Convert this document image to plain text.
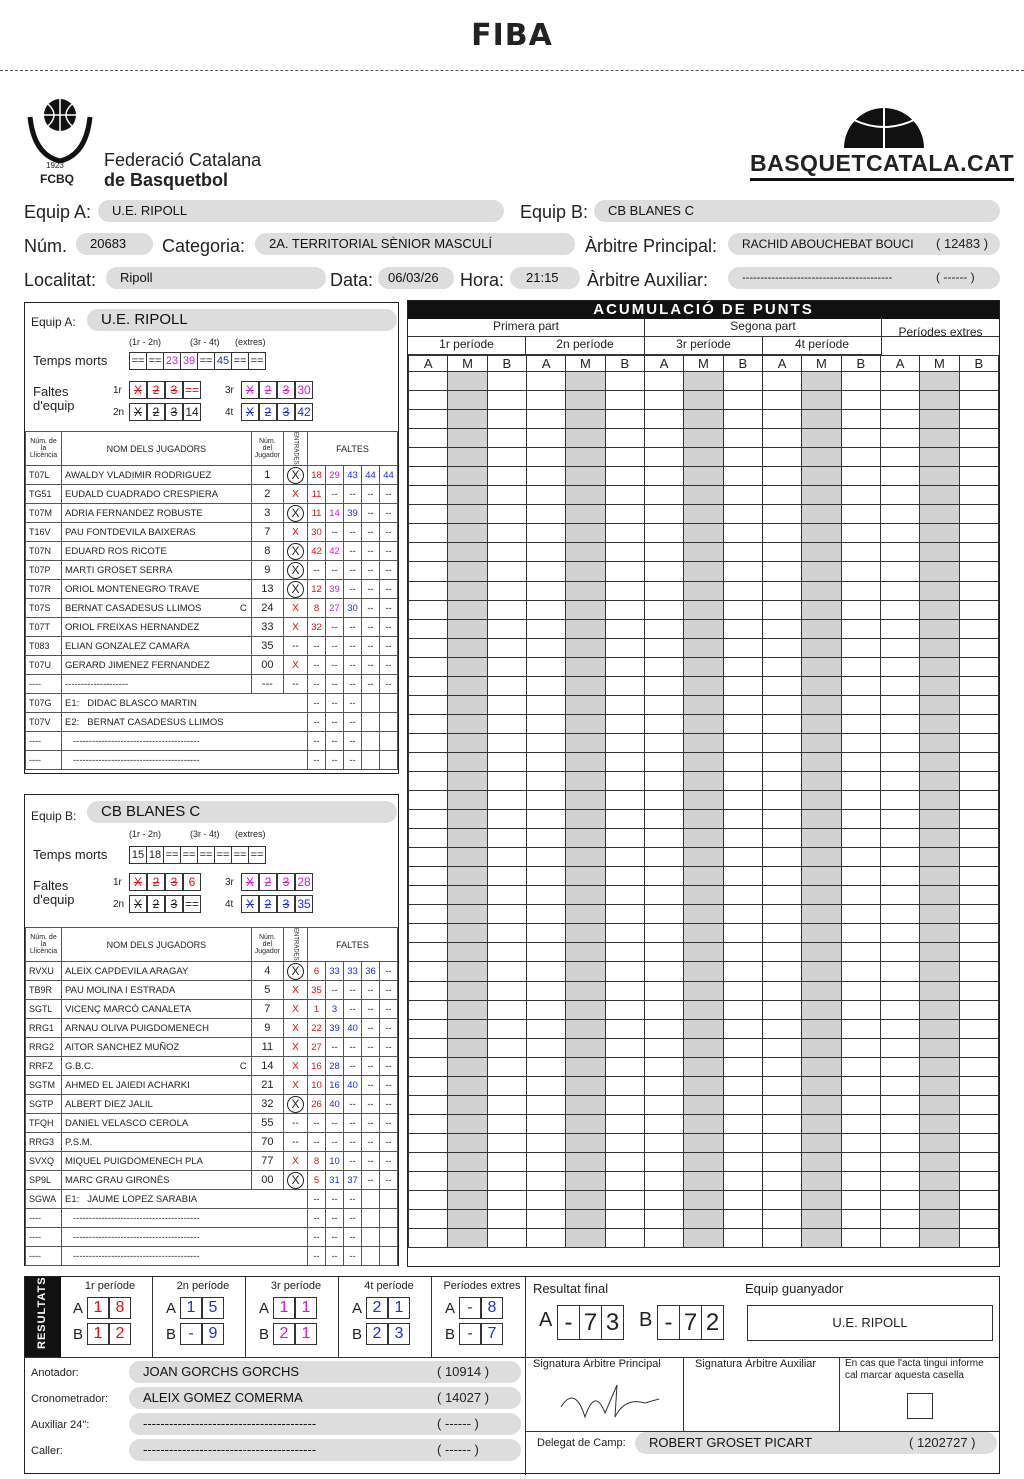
FIBA
1923
FCBQ
Federació Catalana
de Basquetbol
BASQUETCATALA.CAT
Equip A:	U.E. RIPOLL	Equip B:	CB BLANES C
Núm.	20683	Categoria:	2A. TERRITORIAL SÈNIOR MASCULÍ	Àrbitre Principal:	RACHID ABOUCHEBAT BOUCI	( 12483 )
Localitat:	Ripoll	Data:	06/03/26	Hora:	21:15	Àrbitre Auxiliar:	-----------------------------------------	( ------ )
Equip A:	U.E. RIPOLL
(1r - 2n)	(3r - 4t) (extres)
Temps morts ==	==	23	39	==	45	==	==
Faltes d'equip
1r	X 2 3 ==
2n X 2 3 14
3r	X 2 3 30
4t	X 2 3 42
Núm. de la Llicència	NOM DELS JUGADORS	Núm. del Jugador	ENTRADES	FALTES				
T07L	AWALDY VLADIMIR RODRIGUEZ	1	X	18	29	43	44	44
TG51	EUDALD CUADRADO CRESPIERA	2	X	11	--	--	--	--
T07M	ADRIA FERNANDEZ ROBUSTE	3	X	11	14	39	--	--
T16V	PAU FONTDEVILA BAIXERAS	7	X	30	--	--	--	--
T07N	EDUARD ROS RICOTE	8	X	42	42	--	--	--
T07P	MARTI GROSET SERRA	9	X	--	--	--	--	--
T07R	ORIOL MONTENEGRO TRAVE	13	X	12	39	--	--	--
T07S	BERNAT CASADESUS LLIMOS C	24	X	8	27	30	--	--
T07T	ORIOL FREIXAS HERNANDEZ	33	X	32	--	--	--	--
T083	ELIAN GONZALEZ CAMARA	35	--	--	--	--	--	--
T07U	GERARD JIMENEZ FERNANDEZ	00	X	--	--	--	--	--
----	--------------------	---	--	--	--	--	--	--
T07G	E1: DIDAC BLASCO MARTIN			--	--	--		
T07V	E2: BERNAT CASADESUS LLIMOS			--	--	--		
----	----------------------------------------			--	--	--		
----	----------------------------------------			--	--	--		
Equip B:	CB BLANES C
(1r - 2n)	(3r - 4t) (extres)
Temps morts 15	18	==	==	==	==	==	==
Faltes d'equip
1r	X 2 3 6
2n X 2 3 ==
3r	X 2 3 28
4t	X 2 3 35
Núm. de la Llicència	NOM DELS JUGADORS	Núm. del Jugador	ENTRADES	FALTES				
RVXU	ALEIX CAPDEVILA ARAGAY	4	X	6	33	33	36	--
TB9R	PAU MOLINA I ESTRADA	5	X	35	--	--	--	--
SGTL	VICENÇ MARCÓ CANALETA	7	X	1	3	--	--	--
RRG1	ARNAU OLIVA PUIGDOMENECH	9	X	22	39	40	--	--
RRG2	AITOR SANCHEZ MUÑOZ	11	X	27	--	--	--	--
RRFZ	G.B.C. C	14	X	16	28	--	--	--
SGTM	AHMED EL JAIEDI ACHARKI	21	X	10	16	40	--	--
SGTP	ALBERT DIEZ JALIL	32	X	26	40	--	--	--
TFQH	DANIEL VELASCO CEROLA	55	--	--	--	--	--	--
RRG3	P.S.M.	70	--	--	--	--	--	--
SVXQ	MIQUEL PUIGDOMENECH PLA	77	X	8	10	--	--	--
SP9L	MARC GRAU GIRONÈS	00	X	5	31	37	--	--
SGWA	E1: JAUME LOPEZ SARABIA			--	--	--		
----	----------------------------------------			--	--	--		
----	----------------------------------------			--	--	--		
----	----------------------------------------			--	--	--		
ACUMULACIÓ DE PUNTS
Primera part	Segona part	Períodes extres
1r període	2n període	3r període	4t període
A	M	B	A	M	B	A	M	B	A	M	B	A	M	B

RESULTATS	1r període
A 1 8
B 1 2
2n període
A 1 5
B - 9
3r període
A 1 1
B 2 1
4t període
A 2 1
B 2 3
Períodes extres
A - 8
B - 7
Resultat final	Equip guanyador
A -	7	3 B -	7	2	U.E. RIPOLL
Anotador:	JOAN GORCHS GORCHS	( 10914 )
Cronometrador:	ALEIX GOMEZ COMERMA	( 14027 )
Auxiliar 24":	----------------------------------------	( ------ )
Caller:	----------------------------------------	( ------ )
Signatura Àrbitre Principal	Signatura Àrbitre Auxiliar	En cas que l'acta tingui informe cal marcar aquesta casella
Delegat de Camp:	ROBERT GROSET PICART	( 1202727 )
